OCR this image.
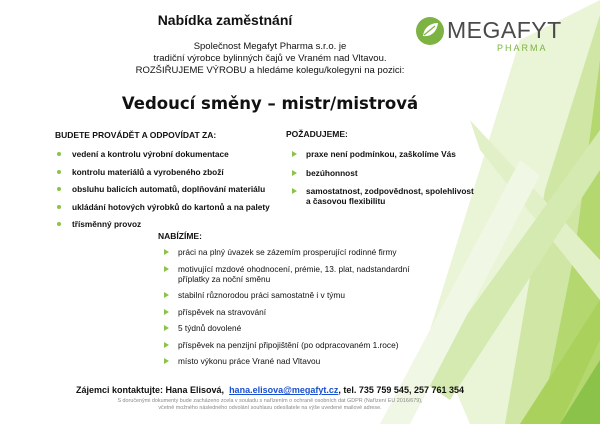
Nabídka zaměstnání	MEGAFYT
PHARMA
Společnost Megafyt Pharma s.r.o. je
tradiční výrobce bylinných čajů ve Vraném nad Vltavou.
ROZŠIŘUJEME VÝROBU a hledáme kolegu/kolegyni na pozici:
Vedoucí směny – mistr/mistrová
BUDETE PROVÁDĚT A ODPOVÍDAT ZA:
vedení a kontrolu výrobní dokumentace
kontrolu materiálů a vyrobeného zboží
obsluhu balicích automatů, doplňování materiálu
ukládání hotových výrobků do kartonů a na palety
třísměnný provoz
POŽADUJEME:
praxe není podmínkou, zaškolíme Vás
bezúhonnost
samostatnost, zodpovědnost, spolehlivost
a časovou flexibilitu
NABÍZÍME:
práci na plný úvazek se zázemím prosperující rodinné firmy
motivující mzdové ohodnocení, prémie, 13. plat, nadstandardní
příplatky za noční směnu
stabilní různorodou práci samostatně i v týmu
příspěvek na stravování
5 týdnů dovolené
příspěvek na penzijní připojištění (po odpracovaném 1.roce)
místo výkonu práce Vrané nad Vltavou
Zájemci kontaktujte: Hana Elisová, hana.elisova@megafyt.cz, tel. 735 759 545, 257 761 354
S doručenými dokumenty bude zacházeno zcela v souladu s nařízením o ochraně osobních dat GDPR (Nařízení EU 2016/679),
včetně možného následného odvolání souhlasu odesílatele na výše uvedené mailové adrese.
